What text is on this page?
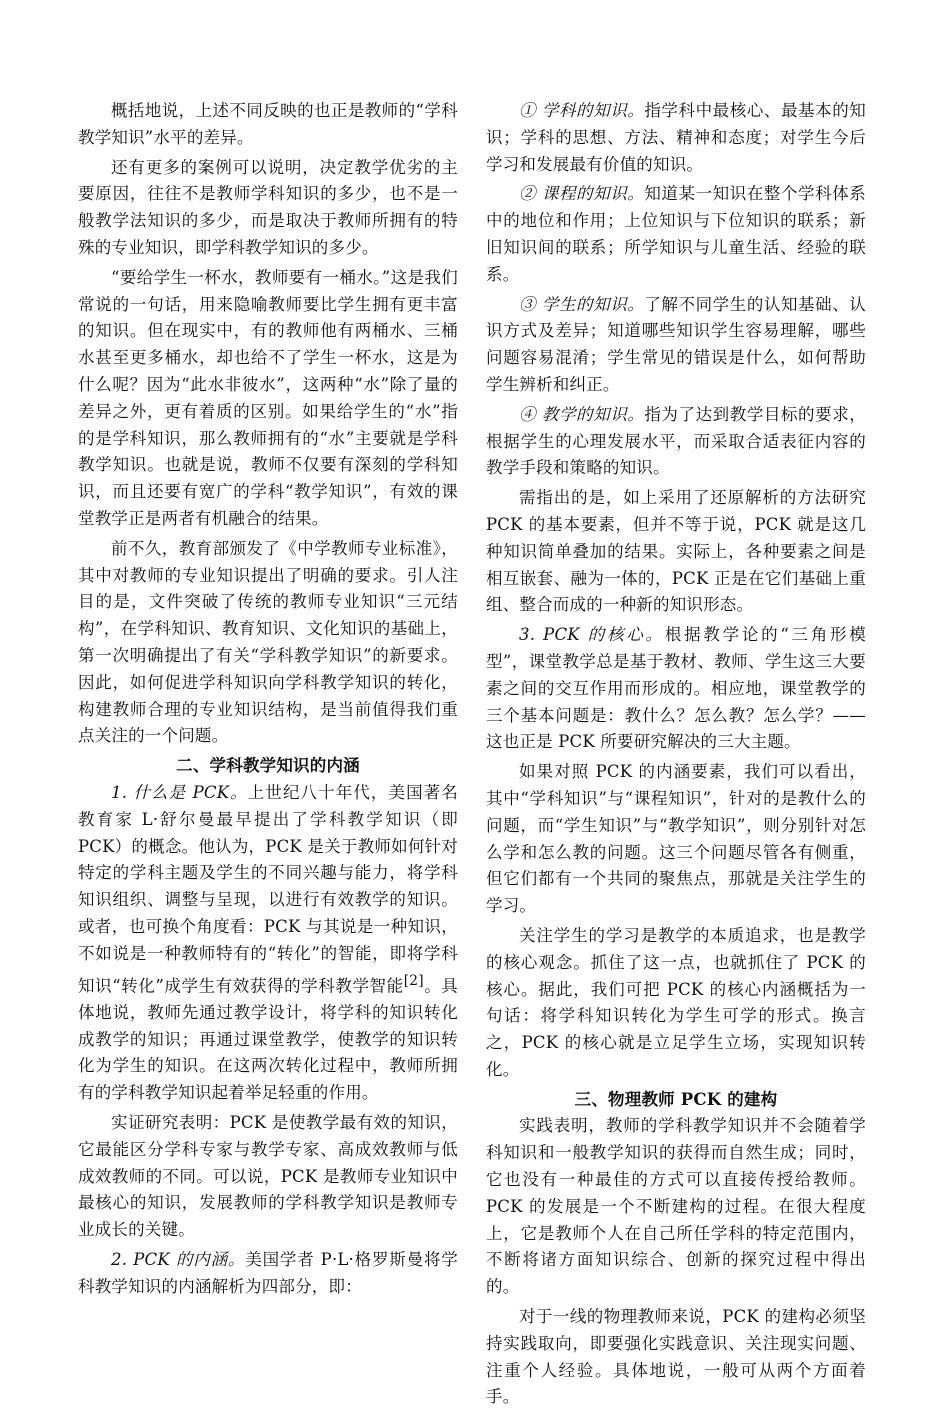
概括地说，上述不同反映的也正是教师的“学科教学知识”水平的差异。

还有更多的案例可以说明，决定教学优劣的主要原因，往往不是教师学科知识的多少，也不是一般教学法知识的多少，而是取决于教师所拥有的特殊的专业知识，即学科教学知识的多少。

“要给学生一杯水，教师要有一桶水。”这是我们常说的一句话，用来隐喻教师要比学生拥有更丰富的知识。但在现实中，有的教师他有两桶水、三桶水甚至更多桶水，却也给不了学生一杯水，这是为什么呢？因为“此水非彼水”，这两种“水”除了量的差异之外，更有着质的区别。如果给学生的“水”指的是学科知识，那么教师拥有的“水”主要就是学科教学知识。也就是说，教师不仅要有深刻的学科知识，而且还要有宽广的学科“教学知识”，有效的课堂教学正是两者有机融合的结果。

前不久，教育部颁发了《中学教师专业标准》，其中对教师的专业知识提出了明确的要求。引人注目的是，文件突破了传统的教师专业知识“三元结构”，在学科知识、教育知识、文化知识的基础上，第一次明确提出了有关“学科教学知识”的新要求。因此，如何促进学科知识向学科教学知识的转化，构建教师合理的专业知识结构，是当前值得我们重点关注的一个问题。

二、学科教学知识的内涵

1. 什么是 PCK。上世纪八十年代，美国著名教育家 L·舒尔曼最早提出了学科教学知识（即 PCK）的概念。他认为，PCK 是关于教师如何针对特定的学科主题及学生的不同兴趣与能力，将学科知识组织、调整与呈现，以进行有效教学的知识。或者，也可换个角度看：PCK 与其说是一种知识，不如说是一种教师特有的“转化”的智能，即将学科知识“转化”成学生有效获得的学科教学智能[2]。具体地说，教师先通过教学设计，将学科的知识转化成教学的知识；再通过课堂教学，使教学的知识转化为学生的知识。在这两次转化过程中，教师所拥有的学科教学知识起着举足轻重的作用。

实证研究表明：PCK 是使教学最有效的知识，它最能区分学科专家与教学专家、高成效教师与低成效教师的不同。可以说，PCK 是教师专业知识中最核心的知识，发展教师的学科教学知识是教师专业成长的关键。

2. PCK 的内涵。美国学者 P·L·格罗斯曼将学科教学知识的内涵解析为四部分，即：

① 学科的知识。指学科中最核心、最基本的知识；学科的思想、方法、精神和态度；对学生今后学习和发展最有价值的知识。

② 课程的知识。知道某一知识在整个学科体系中的地位和作用；上位知识与下位知识的联系；新旧知识间的联系；所学知识与儿童生活、经验的联系。

③ 学生的知识。了解不同学生的认知基础、认识方式及差异；知道哪些知识学生容易理解，哪些问题容易混淆；学生常见的错误是什么，如何帮助学生辨析和纠正。

④ 教学的知识。指为了达到教学目标的要求，根据学生的心理发展水平，而采取合适表征内容的教学手段和策略的知识。

需指出的是，如上采用了还原解析的方法研究 PCK 的基本要素，但并不等于说，PCK 就是这几种知识简单叠加的结果。实际上，各种要素之间是相互嵌套、融为一体的，PCK 正是在它们基础上重组、整合而成的一种新的知识形态。

3. PCK 的核心。根据教学论的“三角形模型”，课堂教学总是基于教材、教师、学生这三大要素之间的交互作用而形成的。相应地，课堂教学的三个基本问题是：教什么？怎么教？怎么学？——这也正是 PCK 所要研究解决的三大主题。

如果对照 PCK 的内涵要素，我们可以看出，其中“学科知识”与“课程知识”，针对的是教什么的问题，而“学生知识”与“教学知识”，则分别针对怎么学和怎么教的问题。这三个问题尽管各有侧重，但它们都有一个共同的聚焦点，那就是关注学生的学习。

关注学生的学习是教学的本质追求，也是教学的核心观念。抓住了这一点，也就抓住了 PCK 的核心。据此，我们可把 PCK 的核心内涵概括为一句话：将学科知识转化为学生可学的形式。换言之，PCK 的核心就是立足学生立场，实现知识转化。

三、物理教师 PCK 的建构

实践表明，教师的学科教学知识并不会随着学科知识和一般教学知识的获得而自然生成；同时，它也没有一种最佳的方式可以直接传授给教师。PCK 的发展是一个不断建构的过程。在很大程度上，它是教师个人在自己所任学科的特定范围内，不断将诸方面知识综合、创新的探究过程中得出的。

对于一线的物理教师来说，PCK 的建构必须坚持实践取向，即要强化实践意识、关注现实问题、注重个人经验。具体地说，一般可从两个方面着手。
